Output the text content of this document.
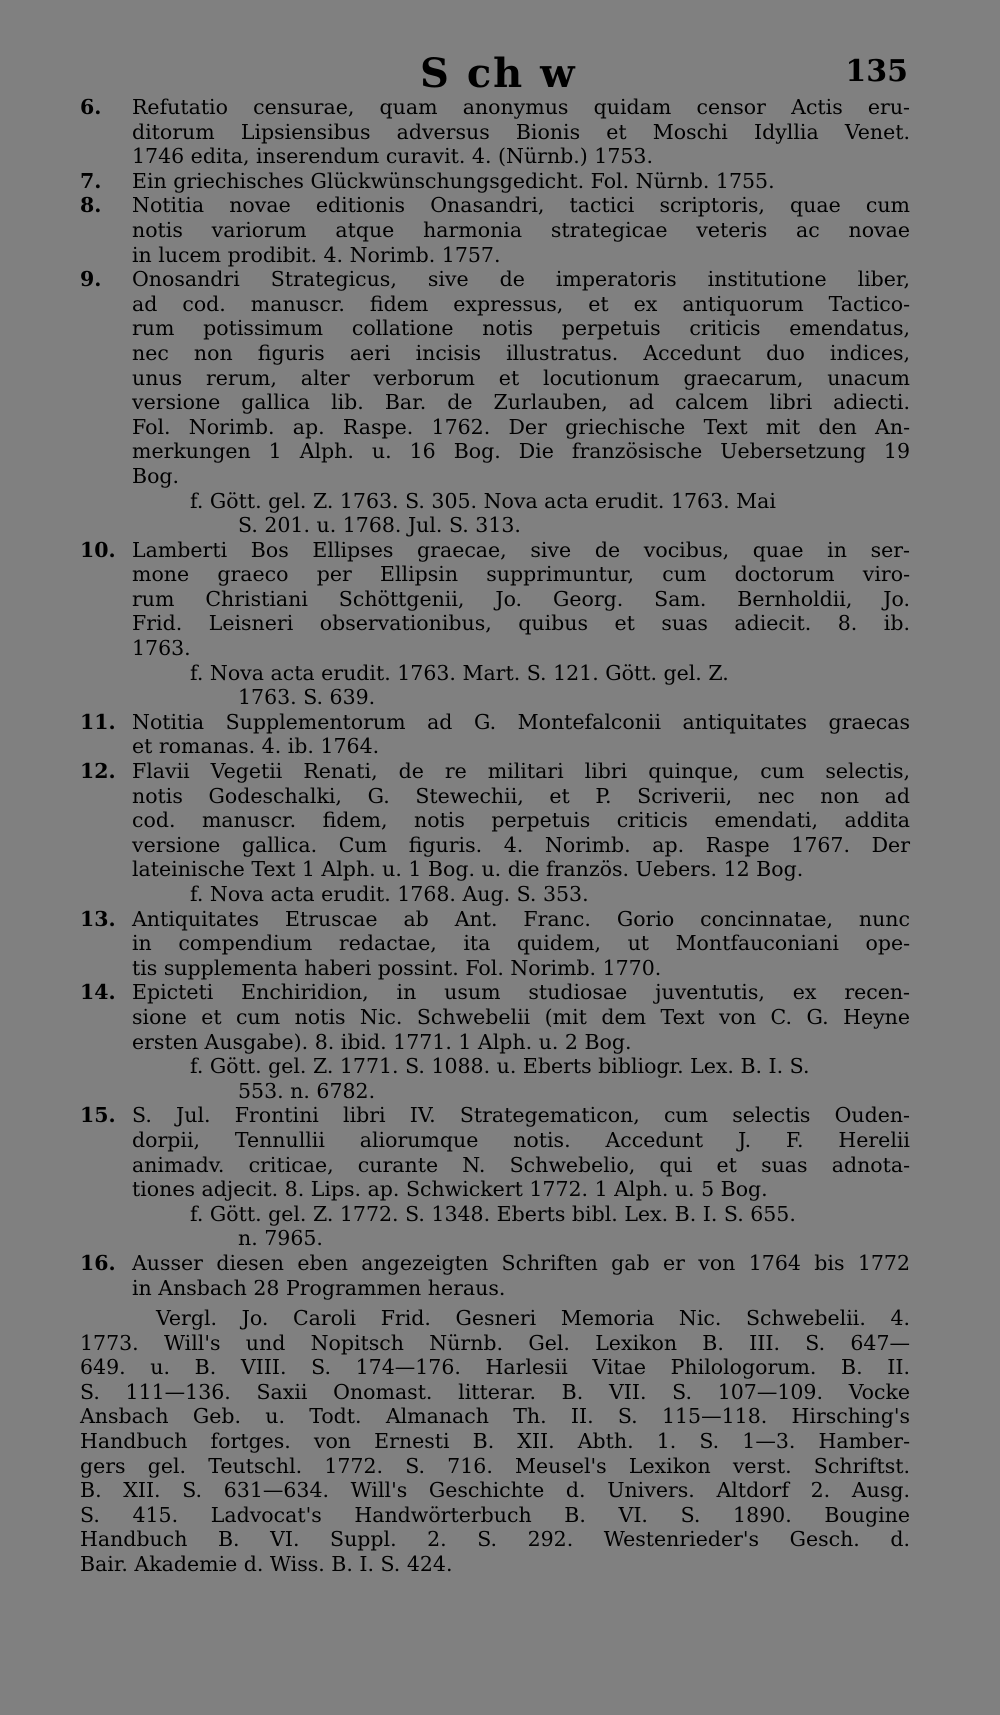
S ch w	135
6.	Refutatio censurae, quam anonymus quidam censor Actis eru-
ditorum Lipsiensibus adversus Bionis et Moschi Idyllia Venet.
1746 edita, inserendum curavit. 4. (Nürnb.) 1753.
7.	Ein griechisches Glückwünschungsgedicht. Fol. Nürnb. 1755.
8.	Notitia novae editionis Onasandri, tactici scriptoris, quae cum
notis variorum atque harmonia strategicae veteris ac novae
in lucem prodibit. 4. Norimb. 1757.
9.	Onosandri Strategicus, sive de imperatoris institutione liber,
ad cod. manuscr. fidem expressus, et ex antiquorum Tactico-
rum potissimum collatione notis perpetuis criticis emendatus,
nec non figuris aeri incisis illustratus. Accedunt duo indices,
unus rerum, alter verborum et locutionum graecarum, unacum
versione gallica lib. Bar. de Zurlauben, ad calcem libri adiecti.
Fol. Norimb. ap. Raspe. 1762. Der griechische Text mit den An-
merkungen 1 Alph. u. 16 Bog. Die französische Uebersetzung 19
Bog.
f. Gött. gel. Z. 1763. S. 305. Nova acta erudit. 1763. Mai
S. 201. u. 1768. Jul. S. 313.
10. Lamberti Bos Ellipses graecae, sive de vocibus, quae in ser-
mone graeco per Ellipsin supprimuntur, cum doctorum viro-
rum Christiani Schöttgenii, Jo. Georg. Sam. Bernholdii, Jo.
Frid. Leisneri observationibus, quibus et suas adiecit. 8. ib.
1763.
f. Nova acta erudit. 1763. Mart. S. 121. Gött. gel. Z.
1763. S. 639.
11. Notitia Supplementorum ad G. Montefalconii antiquitates graecas
et romanas. 4. ib. 1764.
12. Flavii Vegetii Renati, de re militari libri quinque, cum selectis,
notis Godeschalki, G. Stewechii, et P. Scriverii, nec non ad
cod. manuscr. fidem, notis perpetuis criticis emendati, addita
versione gallica. Cum figuris. 4. Norimb. ap. Raspe 1767. Der
lateinische Text 1 Alph. u. 1 Bog. u. die französ. Uebers. 12 Bog.
f. Nova acta erudit. 1768. Aug. S. 353.
13. Antiquitates Etruscae ab Ant. Franc. Gorio concinnatae, nunc
in compendium redactae, ita quidem, ut Montfauconiani ope-
tis supplementa haberi possint. Fol. Norimb. 1770.
14. Epicteti Enchiridion, in usum studiosae juventutis, ex recen-
sione et cum notis Nic. Schwebelii (mit dem Text von C. G. Heyne
ersten Ausgabe). 8. ibid. 1771. 1 Alph. u. 2 Bog.
f. Gött. gel. Z. 1771. S. 1088. u. Eberts bibliogr. Lex. B. I. S.
553. n. 6782.
15. S. Jul. Frontini libri IV. Strategematicon, cum selectis Ouden-
dorpii, Tennullii aliorumque notis. Accedunt J. F. Herelii
animadv. criticae, curante N. Schwebelio, qui et suas adnota-
tiones adjecit. 8. Lips. ap. Schwickert 1772. 1 Alph. u. 5 Bog.
f. Gött. gel. Z. 1772. S. 1348. Eberts bibl. Lex. B. I. S. 655.
n. 7965.
16. Ausser diesen eben angezeigten Schriften gab er von 1764 bis 1772
in Ansbach 28 Programmen heraus.
Vergl. Jo. Caroli Frid. Gesneri Memoria Nic. Schwebelii. 4.
1773. Will's und Nopitsch Nürnb. Gel. Lexikon B. III. S. 647—
649. u. B. VIII. S. 174—176. Harlesii Vitae Philologorum. B. II.
S. 111—136. Saxii Onomast. litterar. B. VII. S. 107—109. Vocke
Ansbach Geb. u. Todt. Almanach Th. II. S. 115—118. Hirsching's
Handbuch fortges. von Ernesti B. XII. Abth. 1. S. 1—3. Hamber-
gers gel. Teutschl. 1772. S. 716. Meusel's Lexikon verst. Schriftst.
B. XII. S. 631—634. Will's Geschichte d. Univers. Altdorf 2. Ausg.
S. 415. Ladvocat's Handwörterbuch B. VI. S. 1890. Bougine
Handbuch B. VI. Suppl. 2. S. 292. Westenrieder's Gesch. d.
Bair. Akademie d. Wiss. B. I. S. 424.
